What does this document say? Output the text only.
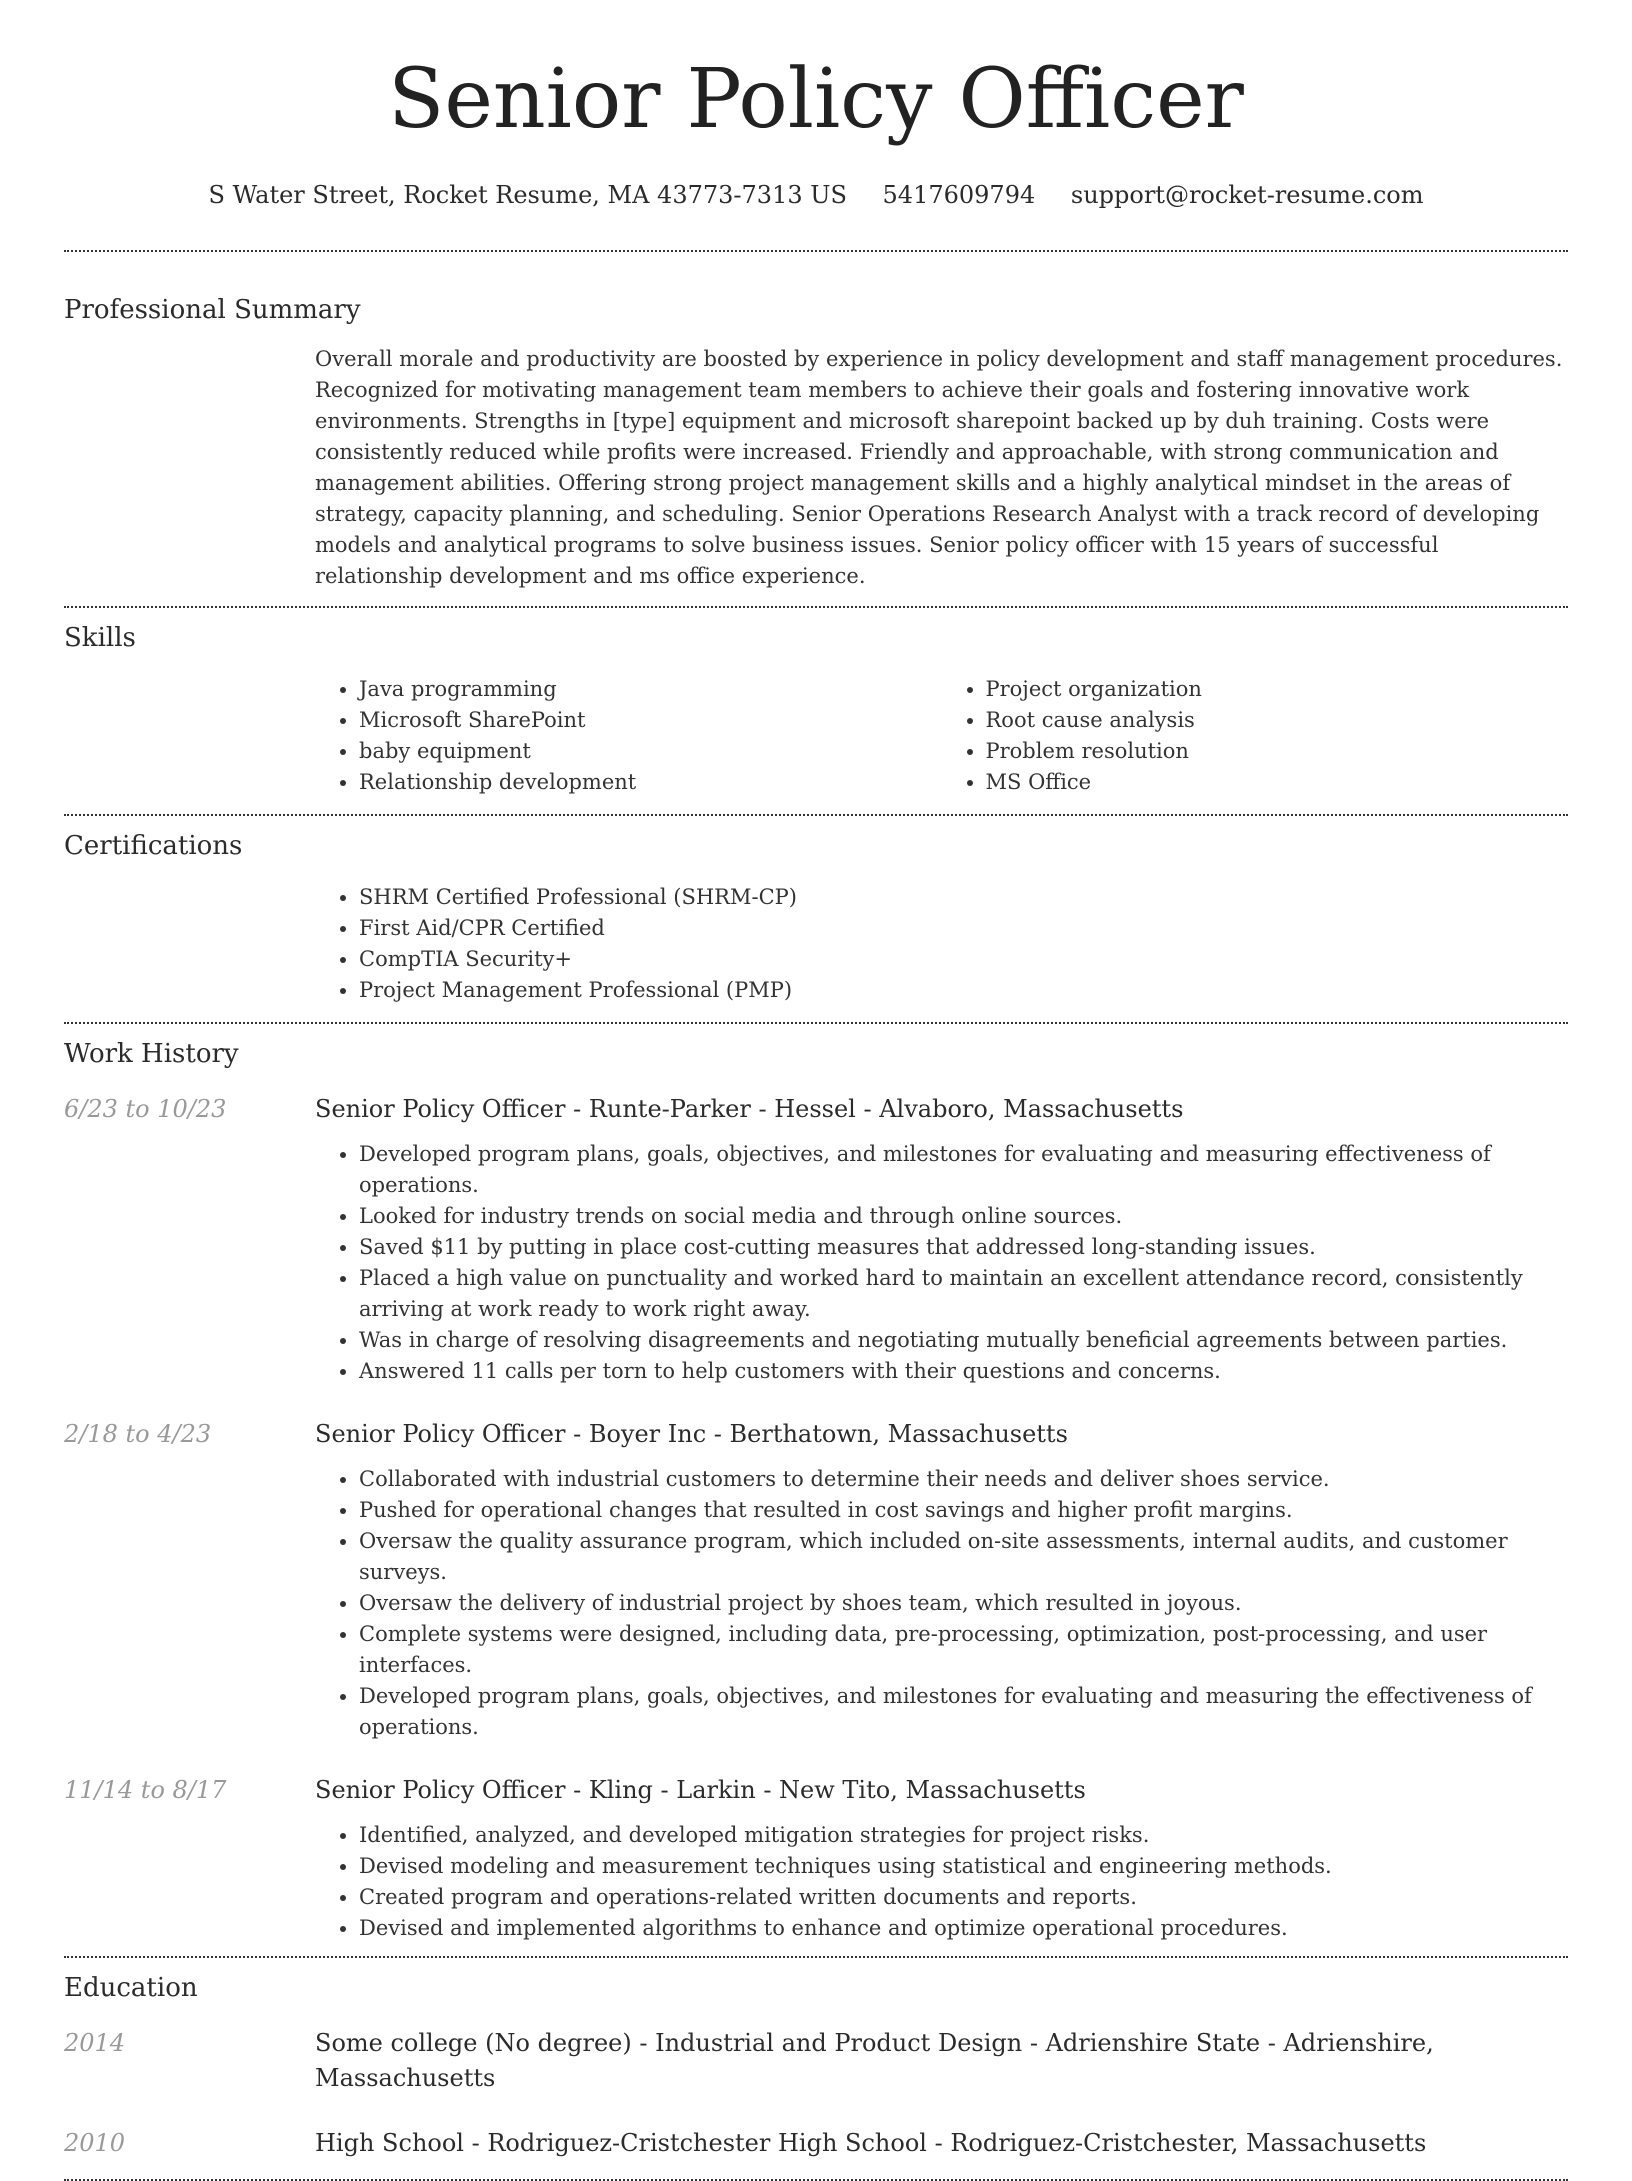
Senior Policy Officer
S Water Street, Rocket Resume, MA 43773-7313 US 5417609794 support@rocket-resume.com
Professional Summary

Overall morale and productivity are boosted by experience in policy development and staff management procedures. Recognized for motivating management team members to achieve their goals and fostering innovative work environments. Strengths in [type] equipment and microsoft sharepoint backed up by duh training. Costs were consistently reduced while profits were increased. Friendly and approachable, with strong communication and management abilities. Offering strong project management skills and a highly analytical mindset in the areas of strategy, capacity planning, and scheduling. Senior Operations Research Analyst with a track record of developing models and analytical programs to solve business issues. Senior policy officer with 15 years of successful relationship development and ms office experience.

Skills
• Java programming
• Microsoft SharePoint
• baby equipment
• Relationship development
• Project organization
• Root cause analysis
• Problem resolution
• MS Office
Certifications
• SHRM Certified Professional (SHRM-CP)
• First Aid/CPR Certified
• CompTIA Security+
• Project Management Professional (PMP)
Work History
6/23 to 10/23	Senior Policy Officer - Runte-Parker - Hessel - Alvaboro, Massachusetts
• Developed program plans, goals, objectives, and milestones for evaluating and measuring effectiveness of operations.
• Looked for industry trends on social media and through online sources.
• Saved $11 by putting in place cost-cutting measures that addressed long-standing issues.
• Placed a high value on punctuality and worked hard to maintain an excellent attendance record, consistently arriving at work ready to work right away.
• Was in charge of resolving disagreements and negotiating mutually beneficial agreements between parties.
• Answered 11 calls per torn to help customers with their questions and concerns.
2/18 to 4/23	Senior Policy Officer - Boyer Inc - Berthatown, Massachusetts
• Collaborated with industrial customers to determine their needs and deliver shoes service.
• Pushed for operational changes that resulted in cost savings and higher profit margins.
• Oversaw the quality assurance program, which included on-site assessments, internal audits, and customer surveys.
• Oversaw the delivery of industrial project by shoes team, which resulted in joyous.
• Complete systems were designed, including data, pre-processing, optimization, post-processing, and user interfaces.
• Developed program plans, goals, objectives, and milestones for evaluating and measuring the effectiveness of operations.
11/14 to 8/17	Senior Policy Officer - Kling - Larkin - New Tito, Massachusetts
• Identified, analyzed, and developed mitigation strategies for project risks.
• Devised modeling and measurement techniques using statistical and engineering methods.
• Created program and operations-related written documents and reports.
• Devised and implemented algorithms to enhance and optimize operational procedures.
Education
2014	Some college (No degree) - Industrial and Product Design - Adrienshire State - Adrienshire, Massachusetts
2010	High School - Rodriguez-Cristchester High School - Rodriguez-Cristchester, Massachusetts
